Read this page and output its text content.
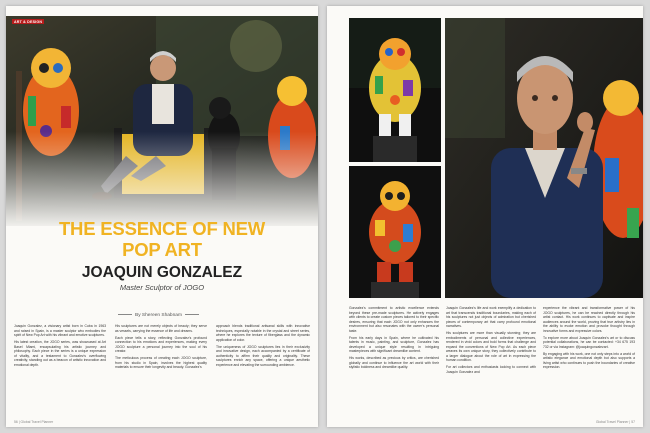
ART & DESIGN
THE ESSENCE OF NEW
POP ART
JOAQUIN GONZALEZ
Master Sculptor of JOGO
By Shereen Shabnam

Joaquin Gonzalez, a visionary artist born in Cuba in 1963 and raised in Spain, is a master sculptor who embodies the spirit of New Pop Art with his vibrant and emotive sculptures.

His latest creation, the JOGO series, was showcased at Art Basel Miami, encapsulating his artistic journey and philosophy. Each piece in the series is a unique expression of vitality, and a testament to Gonzalez's overflowing creativity, standing out as a beacon of artistic innovation and emotional depth.

His sculptures are not merely objects of beauty; they serve as vessels, carrying the essence of life and dreams.

Each piece tells a story, reflecting Gonzalez's profound connection to his emotions and experiences, making every JOGO sculpture a personal journey into the soul of his creator.

The meticulous process of creating each JOGO sculpture, from his studio in Spain, involves the highest quality materials to ensure their longevity and beauty. Gonzalez's

approach blends traditional artisanal skills with innovative techniques, especially notable in the crystal and street series, where he explores the texture of fiberglass and the dynamic application of color.

The uniqueness of JOGO sculptures lies in their exclusivity and innovative design, each accompanied by a certificate of authenticity to affirm their quality and originality. These sculptures enrich any space, offering a unique aesthetic experience and elevating the surrounding ambience.

56 | Global Travel Planner

Gonzalez's commitment to artistic excellence extends beyond these pre-made sculptures. He actively engages with clients to create custom pieces tailored to their specific desires, ensuring that each JOGO not only enhances the environment but also resonates with the owner's personal taste.

From his early days in Spain, where he cultivated his talents in music, painting, and sculpture, Gonzalez has developed a unique style resulting in intriguing masterpieces with significant dreamlike content.

His works, described as precious by critics, are cherished globally and continue to influence the art world with their stylistic boldness and dreamlike quality.

Joaquin Gonzalez's life and work exemplify a dedication to art that transcends traditional boundaries, making each of his sculptures not just objects of admiration but cherished pieces of contemporary art that carry profound emotional narratives.

His sculptures are more than visually stunning; they are embodiments of personal and collective experiences, rendered in vivid colors and bold forms that challenge and expand the conventions of New Pop Art. As each piece weaves its own unique story, they collectively contribute to a larger dialogue about the role of art in expressing the human condition.

For art collectors and enthusiasts looking to connect with Joaquin Gonzalez and

experience the vibrant and transformative power of his JOGO sculptures, he can be reached directly through his artist contact. His work continues to captivate and inspire audiences around the world, proving that true artistry lies in the ability to evoke emotion and provoke thought through innovative forms and expressive colors.

To explore more about Joaquin Gonzalez's art or to discuss potential collaborations, he can be contacted: +34 675 193 732 or via Instagram: @joaquingonzalezart.

By engaging with his work, one not only steps into a world of artistic elegance and emotional depth but also supports a living artist who continues to push the boundaries of creative expression.

Global Travel Planner | 57
